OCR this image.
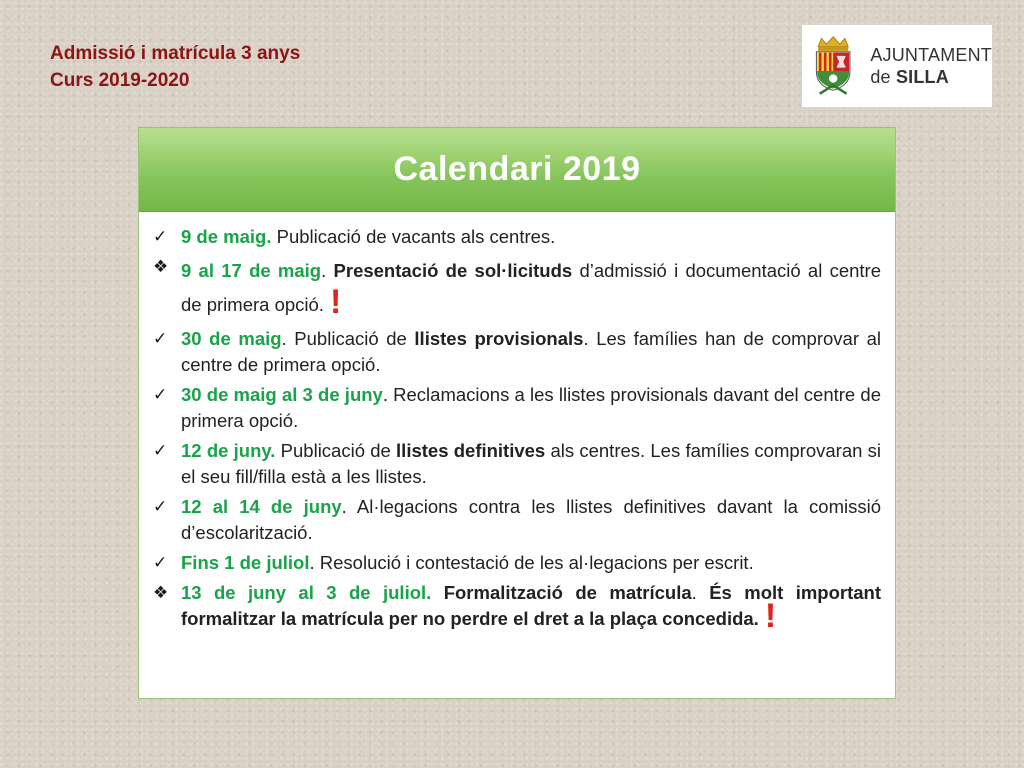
Admissió i matrícula 3 anys
Curs 2019-2020
AJUNTAMENT
de SILLA
Calendari 2019
✓ 9 de maig. Publicació de vacants als centres.
❖ 9 al 17 de maig. Presentació de sol·licituds d’admissió i documentació al centre de primera opció. !
✓ 30 de maig. Publicació de llistes provisionals. Les famílies han de comprovar al centre de primera opció.
✓ 30 de maig al 3 de juny. Reclamacions a les llistes provisionals davant del centre de primera opció.
✓ 12 de juny. Publicació de llistes definitives als centres. Les famílies comprovaran si el seu fill/filla està a les llistes.
✓ 12 al 14 de juny. Al·legacions contra les llistes definitives davant la comissió d’escolarització.
✓ Fins 1 de juliol. Resolució i contestació de les al·legacions per escrit.
❖ 13 de juny al 3 de juliol. Formalització de matrícula. És molt important formalitzar la matrícula per no perdre el dret a la plaça concedida. !
